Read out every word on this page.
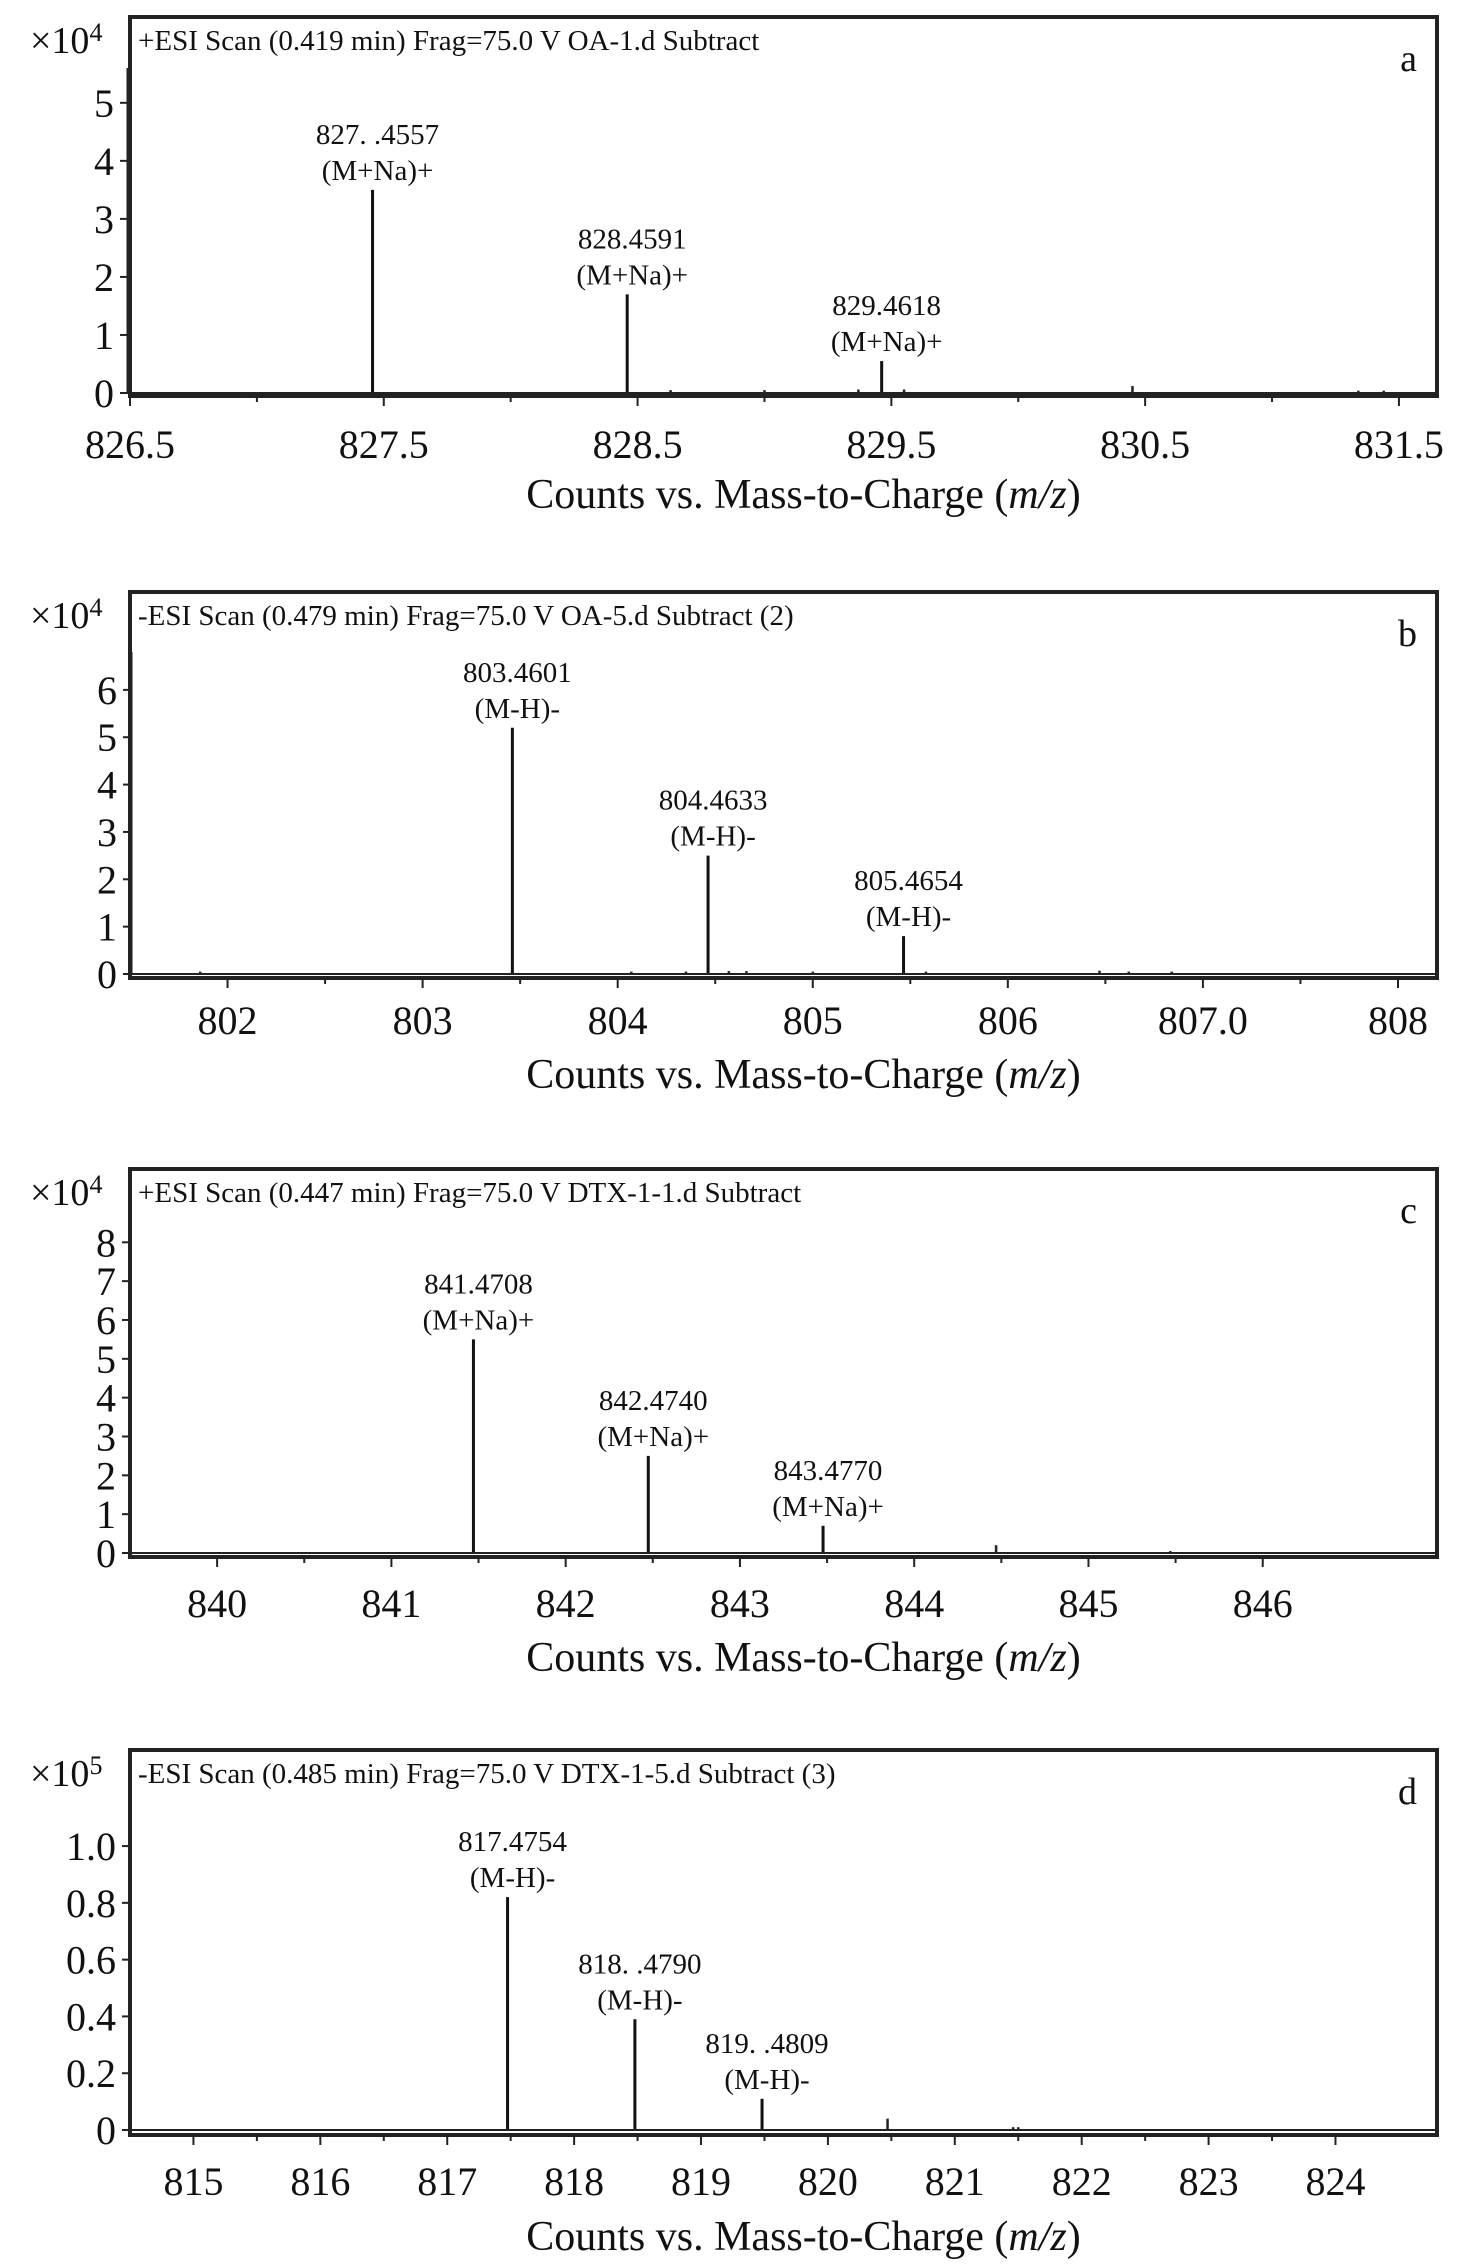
0
1
2
3
4
5
$\times 10^4$
826.5	827.5	828.5	829.5	830.5	831.5
Counts vs. Mass-to-Charge (m/z)
+ESI Scan (0.419 min) Frag=75.0 V OA-1.d Subtract	a
827. .4557
(M+Na)+
828.4591
(M+Na)+
829.4618
(M+Na)+
0
1
2
3
4
5
6
$\times 10^4$
802	803	804	805	806	807.0	808
Counts vs. Mass-to-Charge (m/z)
-ESI Scan (0.479 min) Frag=75.0 V OA-5.d Subtract (2)	b
803.4601
(M-H)-
804.4633
(M-H)-
805.4654
(M-H)-
0
1
2
3
4
5
6
7
8
$\times 10^4$
840	841	842	843	844	845	846
Counts vs. Mass-to-Charge (m/z)
+ESI Scan (0.447 min) Frag=75.0 V DTX-1-1.d Subtract	c
841.4708
(M+Na)+
842.4740
(M+Na)+
843.4770
(M+Na)+
0
0.2
0.4
0.6
0.8
1.0
$\times 10^5$
815 816 817 818 819 820 821 822 823 824
Counts vs. Mass-to-Charge (m/z)
-ESI Scan (0.485 min) Frag=75.0 V DTX-1-5.d Subtract (3)	d
817.4754
(M-H)-
818. .4790
(M-H)-
819. .4809
(M-H)-
